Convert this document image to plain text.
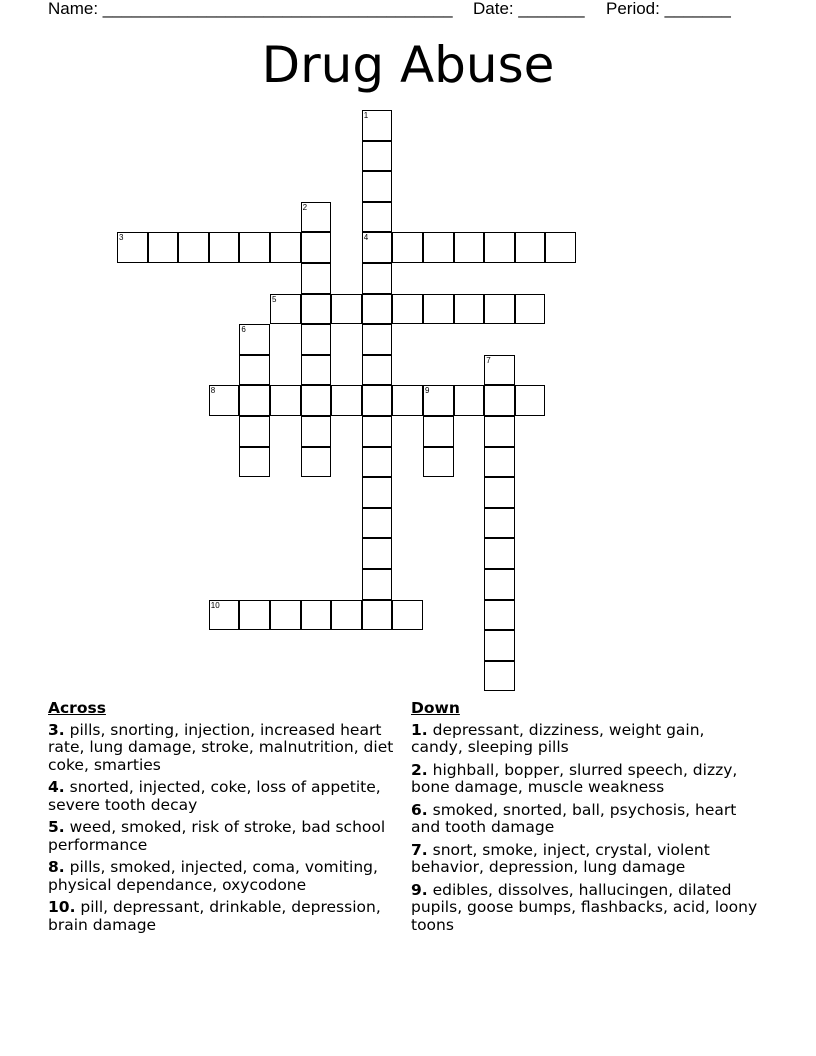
Name: _____________________________________ Date: _______ Period: _______
Drug Abuse
1
4
2
3
5
6
7
8	9
10
Across
3. pills, snorting, injection, increased heart rate, lung damage, stroke, malnutrition, diet coke, smarties
4. snorted, injected, coke, loss of appetite, severe tooth decay
5. weed, smoked, risk of stroke, bad school performance
8. pills, smoked, injected, coma, vomiting, physical dependance, oxycodone
10. pill, depressant, drinkable, depression, brain damage
Down
1. depressant, dizziness, weight gain, candy, sleeping pills
2. highball, bopper, slurred speech, dizzy, bone damage, muscle weakness
6. smoked, snorted, ball, psychosis, heart and tooth damage
7. snort, smoke, inject, crystal, violent behavior, depression, lung damage
9. edibles, dissolves, hallucingen, dilated pupils, goose bumps, flashbacks, acid, loony toons
